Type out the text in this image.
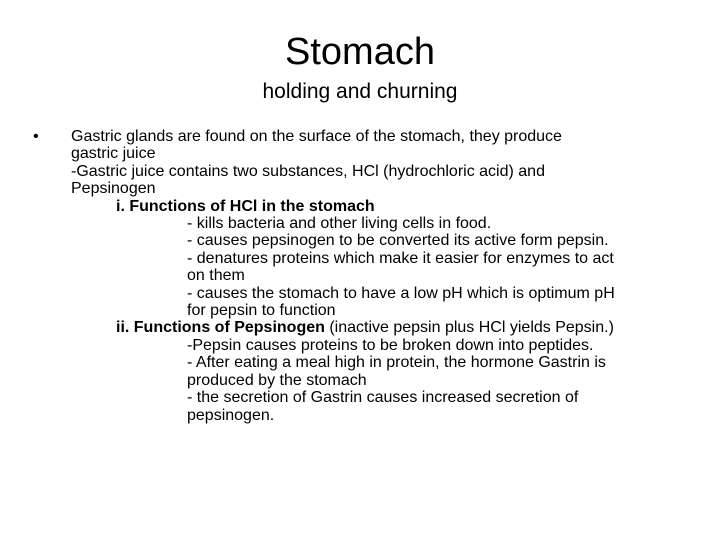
Stomach
holding and churning
• Gastric glands are found on the surface of the stomach, they produce
gastric juice
-Gastric juice contains two substances, HCl (hydrochloric acid) and
Pepsinogen
i. Functions of HCl in the stomach
- kills bacteria and other living cells in food.
- causes pepsinogen to be converted its active form pepsin.
- denatures proteins which make it easier for enzymes to act
on them
- causes the stomach to have a low pH which is optimum pH
for pepsin to function
ii. Functions of Pepsinogen (inactive pepsin plus HCl yields Pepsin.)
-Pepsin causes proteins to be broken down into peptides.
- After eating a meal high in protein, the hormone Gastrin is
produced by the stomach
- the secretion of Gastrin causes increased secretion of
pepsinogen.
